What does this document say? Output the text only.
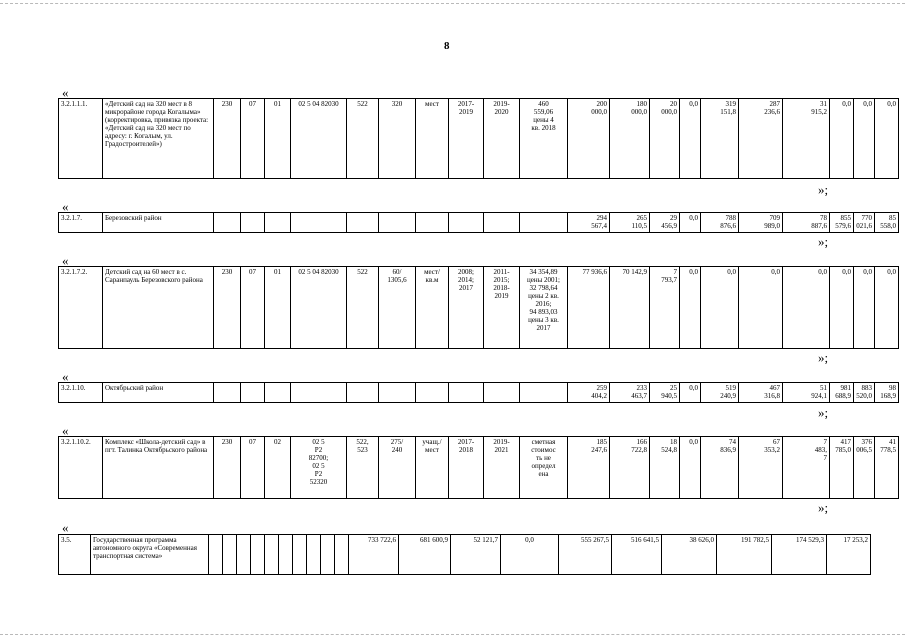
8
«
3.2.1.1.1.	«Детский сад на 320 мест в 8 микрорайоне города Когалыма» (корректировка, привязка проекта: «Детский сад на 320 мест по адресу: г. Когалым, ул. Градостроителей»)	230	07	01	02 5 04 82030	522	320	мест	2017-
2019	2019-
2020	460
559,06
цены 4
кв. 2018	200
000,0	180
000,0	20
000,0	0,0	319
151,8	287
236,6	31
915,2	0,0	0,0	0,0
»;
«
3.2.1.7.	Березовский район											294
567,4	265
110,5	29
456,9	0,0	788
876,6	709
989,0	78
887,6	855
579,6	770
021,6	85
558,0
»;
«
3.2.1.7.2.	Детский сад на 60 мест в с. Саранпауль Березовского района	230	07	01	02 5 04 82030	522	60/
1305,6	мест/
кв.м	2008;
2014;
2017	2011-
2015;
2018-
2019	34 354,89
цены 2001;
32 798,64
цены 2 кв.
2016;
94 893,03
цены 3 кв.
2017	77 936,6	70 142,9	7
793,7	0,0	0,0	0,0	0,0	0,0	0,0	0,0
»;
«
3.2.1.10.	Октябрьский район											259
404,2	233
463,7	25
940,5	0,0	519
240,9	467
316,8	51
924,1	981
688,9	883
520,0	98
168,9
»;
«
3.2.1.10.2.	Комплекс «Школа-детский сад» в пгт. Талинка Октябрьского района	230	07	02	02 5
P2
82700;
02 5
P2
52320	522,
523	275/
240	учащ./
мест	2017-
2018	2019-
2021	сметная
стоимос
ть не
определ
ена	185
247,6	166
722,8	18
524,8	0,0	74
836,9	67
353,2	7
483,
7	417
785,0	376
006,5	41
778,5
»;
«
3.5.	Государственная программа автономного округа «Современная транспортная система»											733 722,6	681 600,9	52 121,7	0,0	555 267,5	516 641,5	38 626,0	191 782,5	174 529,3	17 253,2
